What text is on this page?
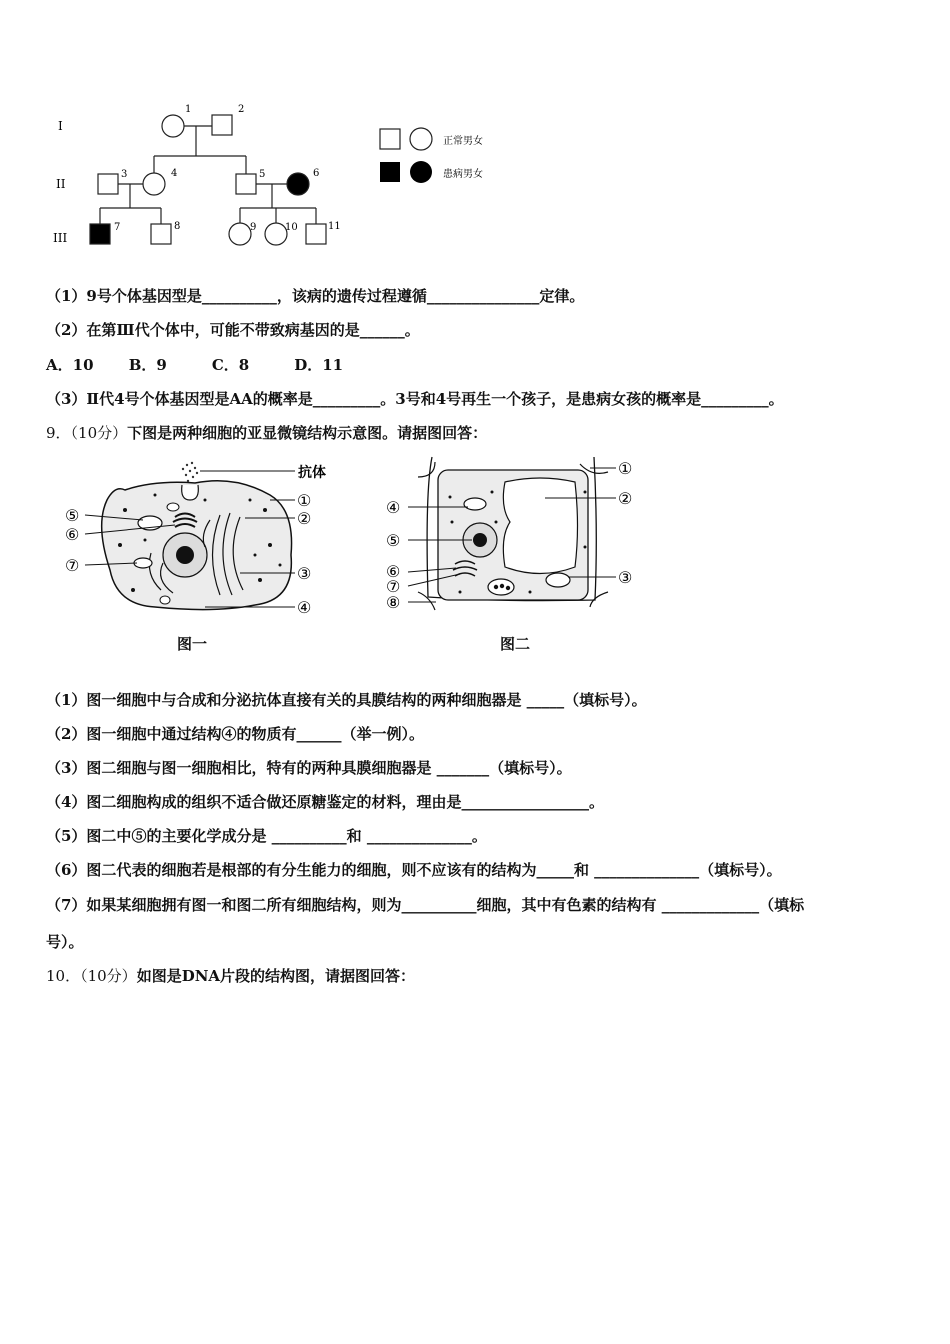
I
II
III
1	2
3	4	5	6
7	8	9	10	11
正常男女
患病男女
（1）9号个体基因型是__________，该病的遗传过程遵循_______________定律。
（2）在第Ⅲ代个体中，可能不带致病基因的是______。
A．10　　 B．9　　　C．8　　　D．11
（3）Ⅱ代4号个体基因型是AA的概率是_________。3号和4号再生一个孩子，是患病女孩的概率是_________。
9．（10分）下图是两种细胞的亚显微镜结构示意图。请据图回答：
抗体
①
②
③
④
⑤
⑥
⑦
图一
①
②
③
④
⑤
⑥
⑦
⑧
图二
（1）图一细胞中与合成和分泌抗体直接有关的具膜结构的两种细胞器是 _____（填标号）。
（2）图一细胞中通过结构④的物质有______（举一例）。
（3）图二细胞与图一细胞相比，特有的两种具膜细胞器是 _______（填标号）。
（4）图二细胞构成的组织不适合做还原糖鉴定的材料，理由是_________________。
（5）图二中⑤的主要化学成分是 __________和 ______________。
（6）图二代表的细胞若是根部的有分生能力的细胞，则不应该有的结构为_____和 ______________（填标号）。
（7）如果某细胞拥有图一和图二所有细胞结构，则为__________细胞，其中有色素的结构有 _____________（填标
号）。
10．（10分）如图是DNA片段的结构图，请据图回答：
